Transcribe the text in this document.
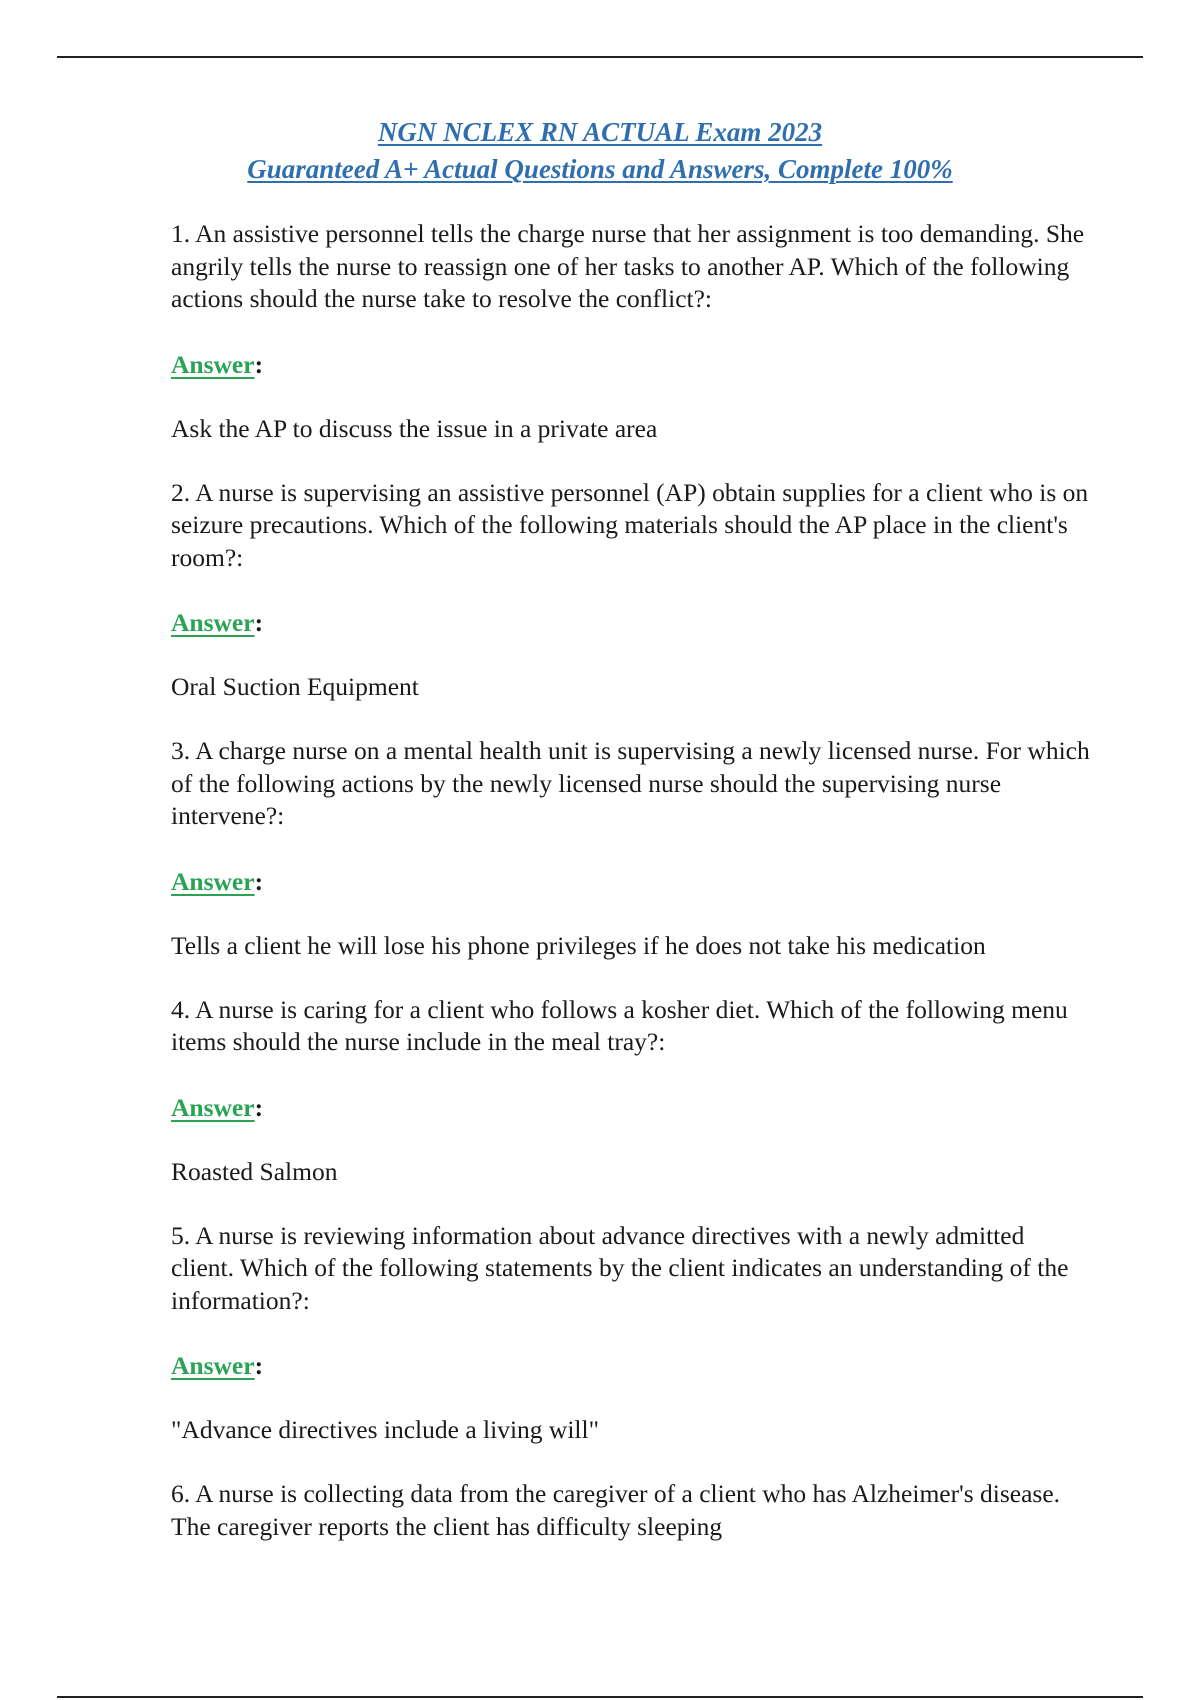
NGN NCLEX RN ACTUAL Exam 2023
Guaranteed A+ Actual Questions and Answers, Complete 100%

1. An assistive personnel tells the charge nurse that her assignment is too demanding. She angrily tells the nurse to reassign one of her tasks to another AP. Which of the following actions should the nurse take to resolve the conflict?:

Answer:

Ask the AP to discuss the issue in a private area

2. A nurse is supervising an assistive personnel (AP) obtain supplies for a client who is on seizure precautions. Which of the following materials should the AP place in the client's room?:

Answer:

Oral Suction Equipment

3. A charge nurse on a mental health unit is supervising a newly licensed nurse. For which of the following actions by the newly licensed nurse should the supervising nurse intervene?:

Answer:

Tells a client he will lose his phone privileges if he does not take his medication

4. A nurse is caring for a client who follows a kosher diet. Which of the following menu items should the nurse include in the meal tray?:

Answer:

Roasted Salmon

5. A nurse is reviewing information about advance directives with a newly admitted client. Which of the following statements by the client indicates an understanding of the information?:

Answer:

"Advance directives include a living will"

6. A nurse is collecting data from the caregiver of a client who has Alzheimer's disease. The caregiver reports the client has difficulty sleeping
